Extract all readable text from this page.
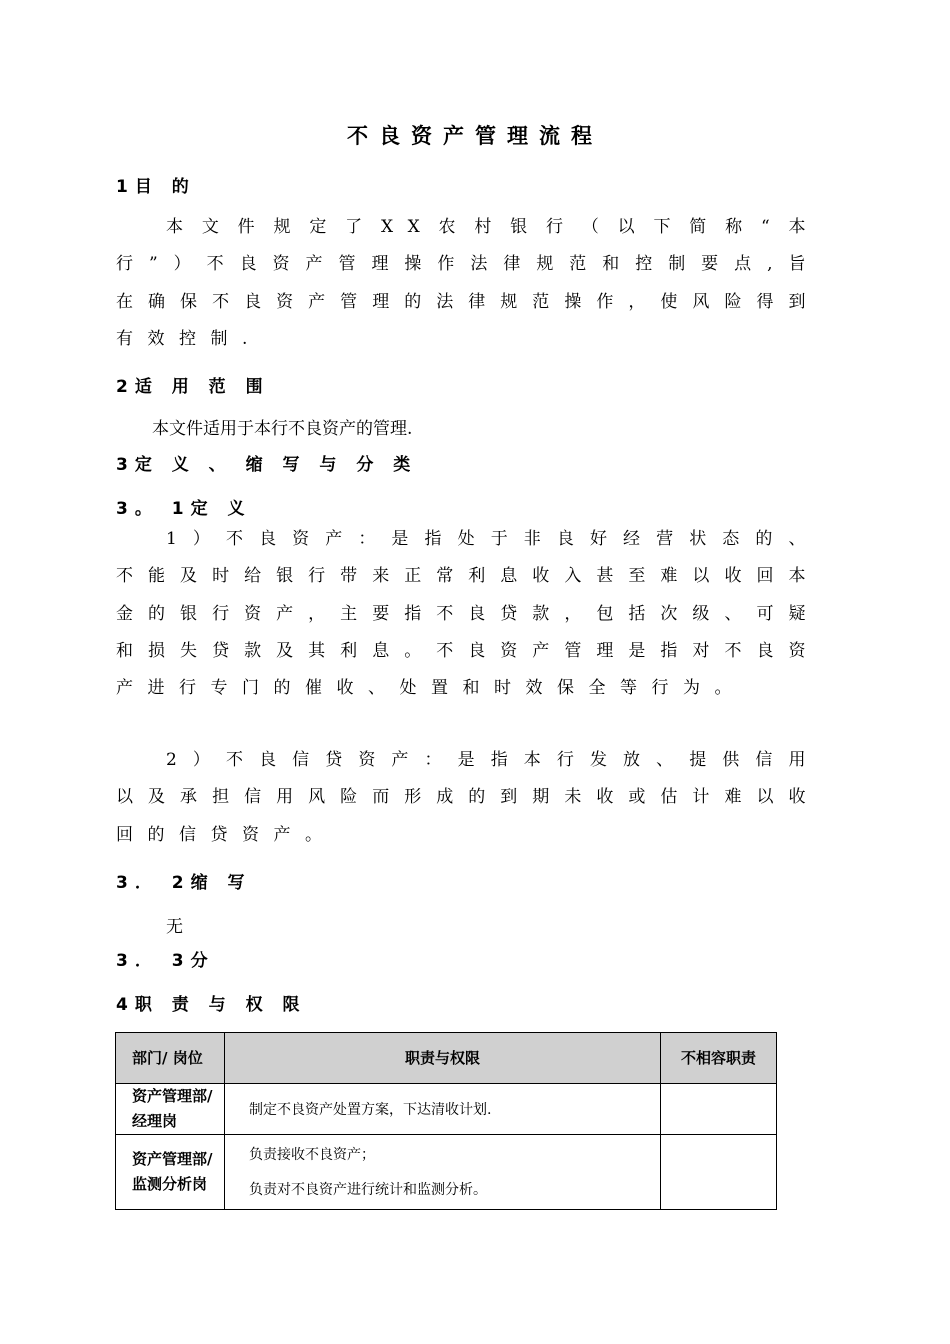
不良资产管理流程
1目 的

本文件规定了XX农村银行（以下简称“本行”）不良资产管理操作法律规范和控制要点,旨在确保不良资产管理的法律规范操作，使风险得到有效控制.

2适 用 范 围

本文件适用于本行不良资产的管理.

3定 义 、 缩 写 与 分 类
3。 1定 义

1）不良资产：是指处于非良好经营状态的、不能及时给银行带来正常利息收入甚至难以收回本金的银行资产，主要指不良贷款，包括次级、可疑和损失贷款及其利息。不良资产管理是指对不良资产进行专门的催收、处置和时效保全等行为。

2）不良信贷资产：是指本行发放、提供信用以及承担信用风险而形成的到期未收或估计难以收回的信贷资产。

3． 2缩 写

无

3． 3分
4职 责 与 权 限
部门/ 岗位	职责与权限	不相容职责
资产管理部/ 经理岗	制定不良资产处置方案，下达清收计划.	

资产管理部/ 监测分析岗	负责接收不良资产；
负责对不良资产进行统计和监测分析。	
